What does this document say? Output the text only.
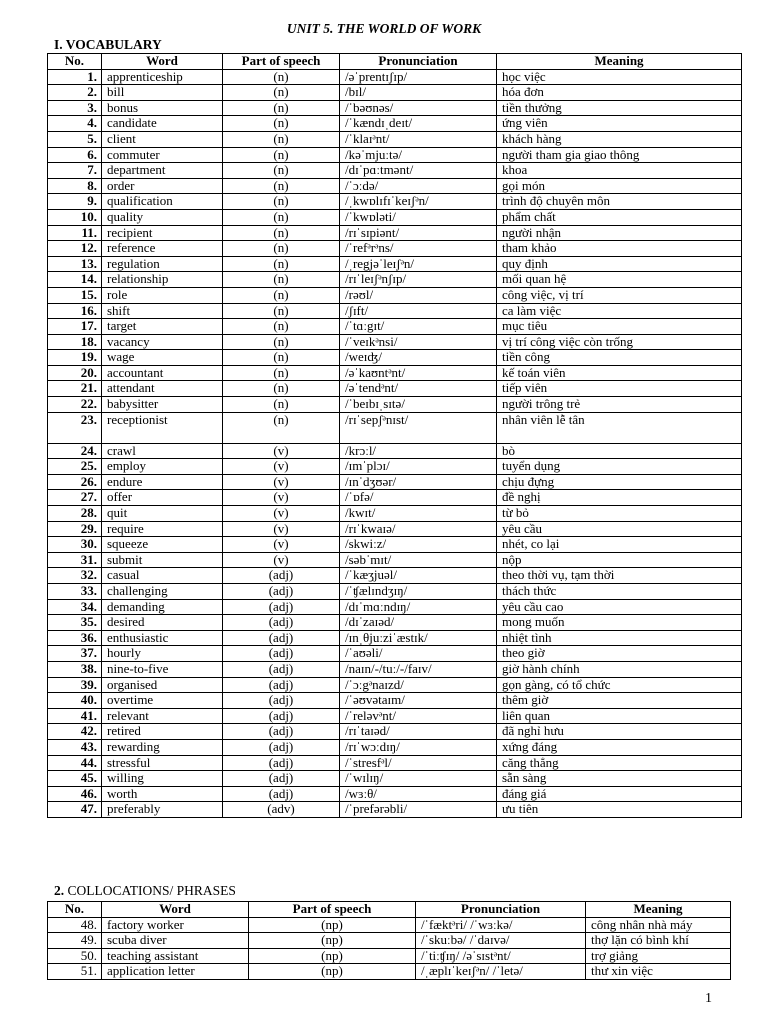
UNIT 5. THE WORLD OF WORK
I. VOCABULARY
No.	Word	Part of speech	Pronunciation	Meaning
1.	apprenticeship	(n)	/əˈprentɪʃɪp/	học việc
2.	bill	(n)	/bɪl/	hóa đơn
3.	bonus	(n)	/ˈbəʊnəs/	tiền thưởng
4.	candidate	(n)	/ˈkændɪˌdeɪt/	ứng viên
5.	client	(n)	/ˈklaɪᵊnt/	khách hàng
6.	commuter	(n)	/kəˈmjuːtə/	người tham gia giao thông
7.	department	(n)	/dɪˈpɑːtmənt/	khoa
8.	order	(n)	/ˈɔːdə/	gọi món
9.	qualification	(n)	/ˌkwɒlɪfɪˈkeɪʃᵊn/	trình độ chuyên môn
10.	quality	(n)	/ˈkwɒləti/	phẩm chất
11.	recipient	(n)	/rɪˈsɪpiənt/	người nhận
12.	reference	(n)	/ˈrefᵊrᵊns/	tham khảo
13.	regulation	(n)	/ˌregjəˈleɪʃᵊn/	quy định
14.	relationship	(n)	/rɪˈleɪʃᵊnʃɪp/	mối quan hệ
15.	role	(n)	/rəʊl/	công việc, vị trí
16.	shift	(n)	/ʃɪft/	ca làm việc
17.	target	(n)	/ˈtɑːgɪt/	mục tiêu
18.	vacancy	(n)	/ˈveɪkᵊnsi/	vị trí công việc còn trống
19.	wage	(n)	/weɪʤ/	tiền công
20.	accountant	(n)	/əˈkaʊntᵊnt/	kế toán viên
21.	attendant	(n)	/əˈtendᵊnt/	tiếp viên
22.	babysitter	(n)	/ˈbeɪbɪˌsɪtə/	người trông trẻ
23.	receptionist	(n)	/rɪˈsepʃᵊnɪst/	nhân viên lễ tân
24.	crawl	(v)	/krɔːl/	bò
25.	employ	(v)	/ɪmˈplɔɪ/	tuyển dụng
26.	endure	(v)	/ɪnˈdʒʊər/	chịu đựng
27.	offer	(v)	/ˈɒfə/	đề nghị
28.	quit	(v)	/kwɪt/	từ bỏ
29.	require	(v)	/rɪˈkwaɪə/	yêu cầu
30.	squeeze	(v)	/skwiːz/	nhét, co lại
31.	submit	(v)	/səbˈmɪt/	nộp
32.	casual	(adj)	/ˈkæʒjuəl/	theo thời vụ, tạm thời
33.	challenging	(adj)	/ˈʧælɪndʒɪŋ/	thách thức
34.	demanding	(adj)	/dɪˈmɑːndɪŋ/	yêu cầu cao
35.	desired	(adj)	/dɪˈzaɪəd/	mong muốn
36.	enthusiastic	(adj)	/ɪnˌθjuːziˈæstɪk/	nhiệt tình
37.	hourly	(adj)	/ˈaʊəli/	theo giờ
38.	nine-to-five	(adj)	/naɪn/-/tuː/-/faɪv/	giờ hành chính
39.	organised	(adj)	/ˈɔːgᵊnaɪzd/	gọn gàng, có tổ chức
40.	overtime	(adj)	/ˈəʊvətaɪm/	thêm giờ
41.	relevant	(adj)	/ˈreləvᵊnt/	liên quan
42.	retired	(adj)	/rɪˈtaɪəd/	đã nghỉ hưu
43.	rewarding	(adj)	/rɪˈwɔːdɪŋ/	xứng đáng
44.	stressful	(adj)	/ˈstresfᵊl/	căng thẳng
45.	willing	(adj)	/ˈwɪlɪŋ/	sẵn sàng
46.	worth	(adj)	/wɜːθ/	đáng giá
47.	preferably	(adv)	/ˈprefərəbli/	ưu tiên
2. COLLOCATIONS/ PHRASES
No.	Word	Part of speech	Pronunciation	Meaning
48.	factory worker	(np)	/ˈfæktᵊri/ /ˈwɜːkə/	công nhân nhà máy
49.	scuba diver	(np)	/ˈskuːbə/ /ˈdaɪvə/	thợ lặn có bình khí
50.	teaching assistant	(np)	/ˈtiːʧɪŋ/ /əˈsɪstᵊnt/	trợ giảng
51.	application letter	(np)	/ˌæplɪˈkeɪʃᵊn/ /ˈletə/	thư xin việc
1
